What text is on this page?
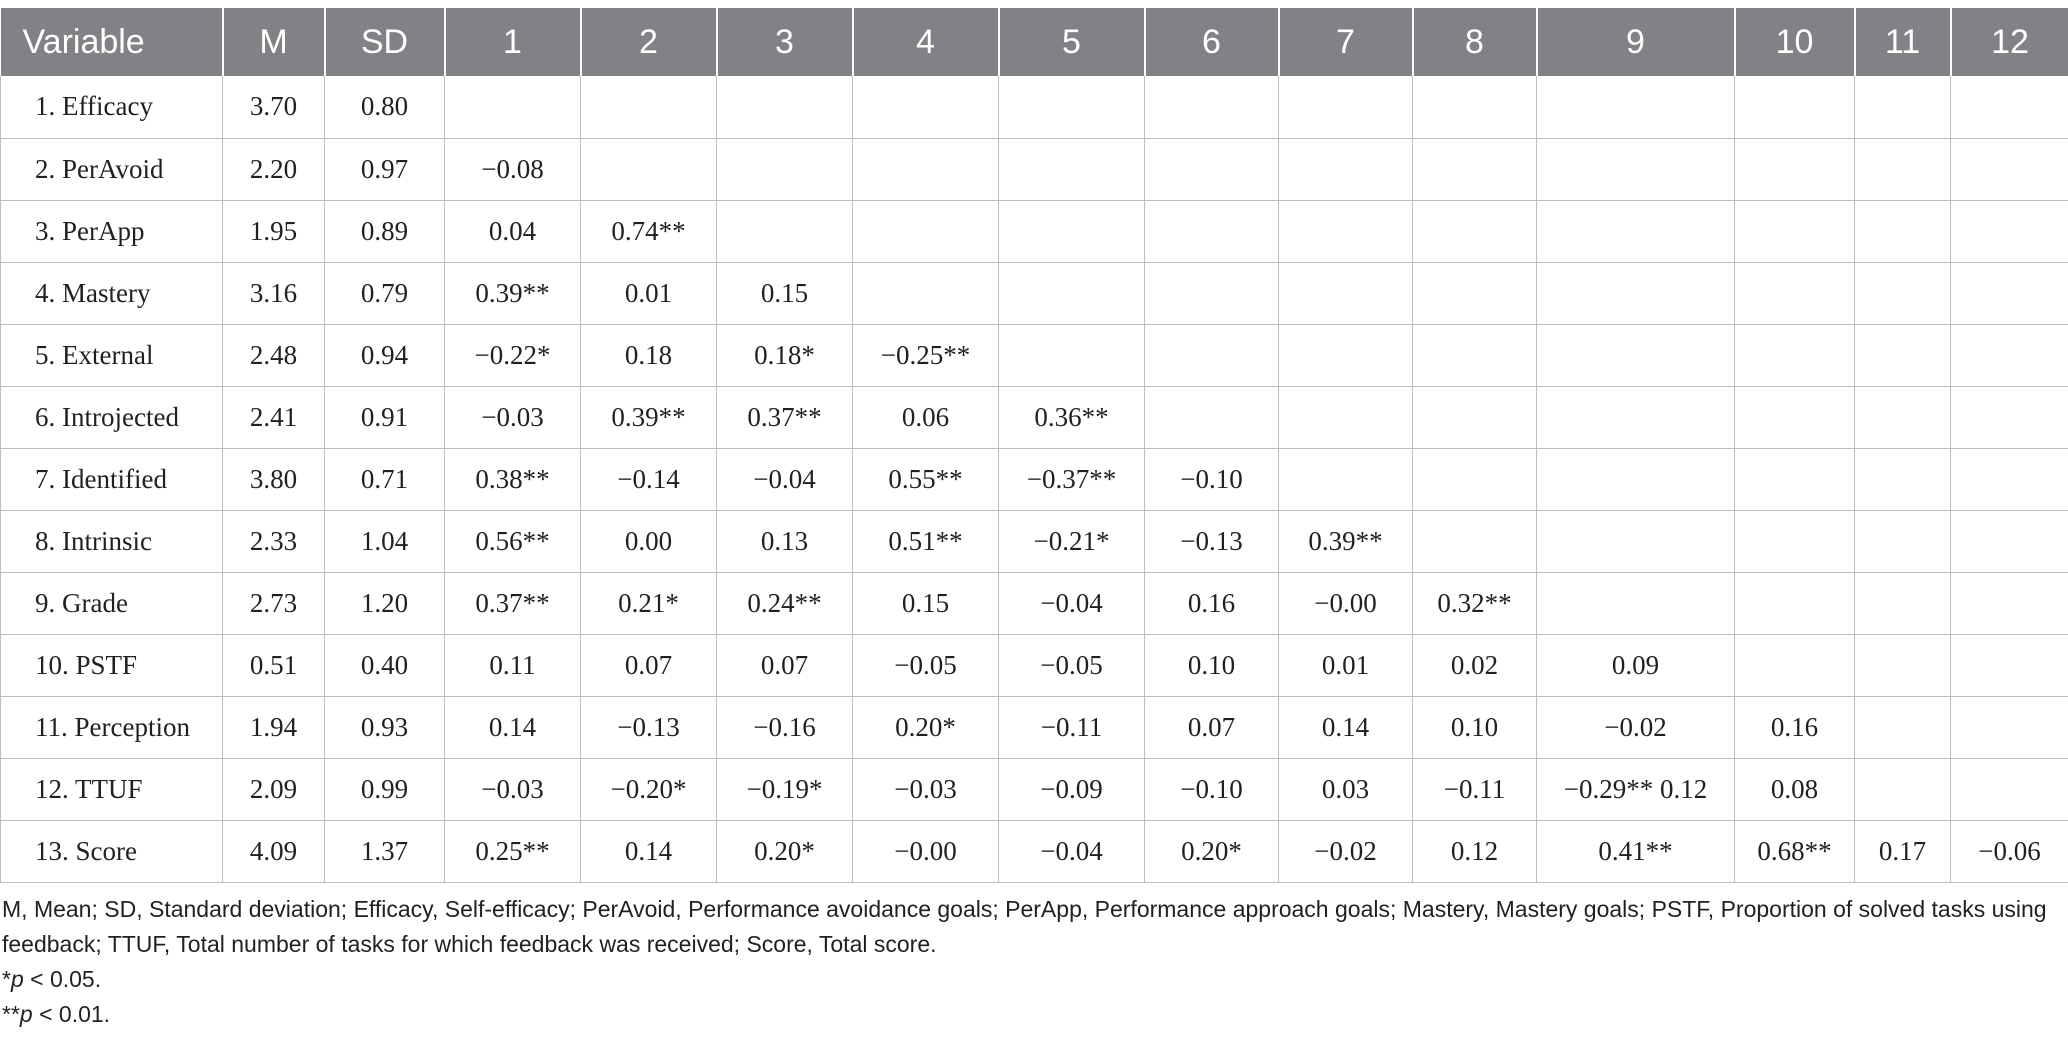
Variable	M	SD	1	2	3	4	5	6	7	8	9	10	11	12
1. Efficacy	3.70	0.80												
2. PerAvoid	2.20	0.97	−0.08											
3. PerApp	1.95	0.89	0.04	0.74**										
4. Mastery	3.16	0.79	0.39**	0.01	0.15									
5. External	2.48	0.94	−0.22*	0.18	0.18*	−0.25**								
6. Introjected	2.41	0.91	−0.03	0.39**	0.37**	0.06	0.36**							
7. Identified	3.80	0.71	0.38**	−0.14	−0.04	0.55**	−0.37**	−0.10						
8. Intrinsic	2.33	1.04	0.56**	0.00	0.13	0.51**	−0.21*	−0.13	0.39**					
9. Grade	2.73	1.20	0.37**	0.21*	0.24**	0.15	−0.04	0.16	−0.00	0.32**				
10. PSTF	0.51	0.40	0.11	0.07	0.07	−0.05	−0.05	0.10	0.01	0.02	0.09			
11. Perception	1.94	0.93	0.14	−0.13	−0.16	0.20*	−0.11	0.07	0.14	0.10	−0.02	0.16		
12. TTUF	2.09	0.99	−0.03	−0.20*	−0.19*	−0.03	−0.09	−0.10	0.03	−0.11	−0.29** 0.12	0.08		
13. Score	4.09	1.37	0.25**	0.14	0.20*	−0.00	−0.04	0.20*	−0.02	0.12	0.41**	0.68**	0.17	−0.06

M, Mean; SD, Standard deviation; Efficacy, Self-efficacy; PerAvoid, Performance avoidance goals; PerApp, Performance approach goals; Mastery, Mastery goals; PSTF, Proportion of solved tasks using feedback; TTUF, Total number of tasks for which feedback was received; Score, Total score.

*p < 0.05.

**p < 0.01.
